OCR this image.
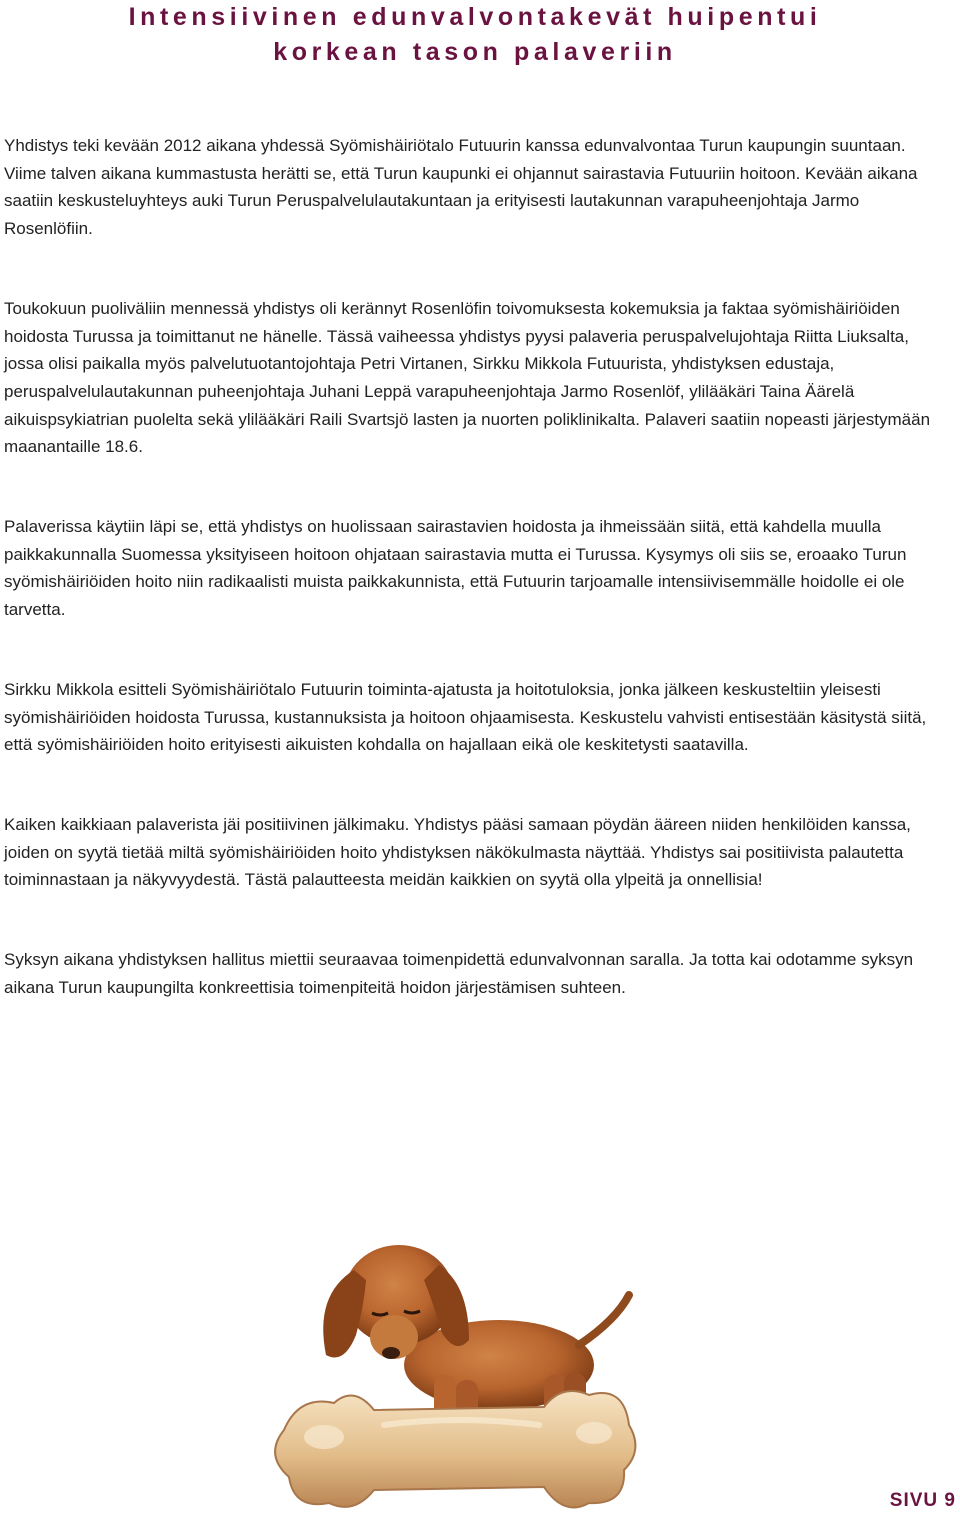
Intensiivinen edunvalvontakevät huipentui
korkean tason palaveriin

Yhdistys teki kevään 2012 aikana yhdessä Syömishäiriötalo Futuurin kanssa edunvalvontaa Turun kaupungin suuntaan. Viime talven aikana kummastusta herätti se, että Turun kaupunki ei ohjannut sairastavia Futuuriin hoitoon. Kevään aikana saatiin keskusteluyhteys auki Turun Peruspalvelulautakuntaan ja erityisesti lautakunnan varapuheenjohtaja Jarmo Rosenlöfiin.

Toukokuun puoliväliin mennessä yhdistys oli kerännyt Rosenlöfin toivomuksesta kokemuksia ja faktaa syömishäiriöiden hoidosta Turussa ja toimittanut ne hänelle. Tässä vaiheessa yhdistys pyysi palaveria peruspalvelujohtaja Riitta Liuksalta, jossa olisi paikalla myös palvelutuotantojohtaja Petri Virtanen, Sirkku Mikkola Futuurista, yhdistyksen edustaja, peruspalvelulautakunnan puheenjohtaja Juhani Leppä varapuheenjohtaja Jarmo Rosenlöf, ylilääkäri Taina Äärelä aikuispsykiatrian puolelta sekä ylilääkäri Raili Svartsjö lasten ja nuorten poliklinikalta. Palaveri saatiin nopeasti järjestymään maanantaille 18.6.

Palaverissa käytiin läpi se, että yhdistys on huolissaan sairastavien hoidosta ja ihmeissään siitä, että kahdella muulla paikkakunnalla Suomessa yksityiseen hoitoon ohjataan sairastavia mutta ei Turussa. Kysymys oli siis se, eroaako Turun syömishäiriöiden hoito niin radikaalisti muista paikkakunnista, että Futuurin tarjoamalle intensiivisemmälle hoidolle ei ole tarvetta.

Sirkku Mikkola esitteli Syömishäiriötalo Futuurin toiminta-ajatusta ja hoitotuloksia, jonka jälkeen keskusteltiin yleisesti syömishäiriöiden hoidosta Turussa, kustannuksista ja hoitoon ohjaamisesta. Keskustelu vahvisti entisestään käsitystä siitä, että syömishäiriöiden hoito erityisesti aikuisten kohdalla on hajallaan eikä ole keskitetysti saatavilla.

Kaiken kaikkiaan palaverista jäi positiivinen jälkimaku. Yhdistys pääsi samaan pöydän ääreen niiden henkilöiden kanssa, joiden on syytä tietää miltä syömishäiriöiden hoito yhdistyksen näkökulmasta näyttää. Yhdistys sai positiivista palautetta toiminnastaan ja näkyvyydestä. Tästä palautteesta meidän kaikkien on syytä olla ylpeitä ja onnellisia!

Syksyn aikana yhdistyksen hallitus miettii seuraavaa toimenpidettä edunvalvonnan saralla. Ja totta kai odotamme syksyn aikana Turun kaupungilta konkreettisia toimenpiteitä hoidon järjestämisen suhteen.

SIVU 9
